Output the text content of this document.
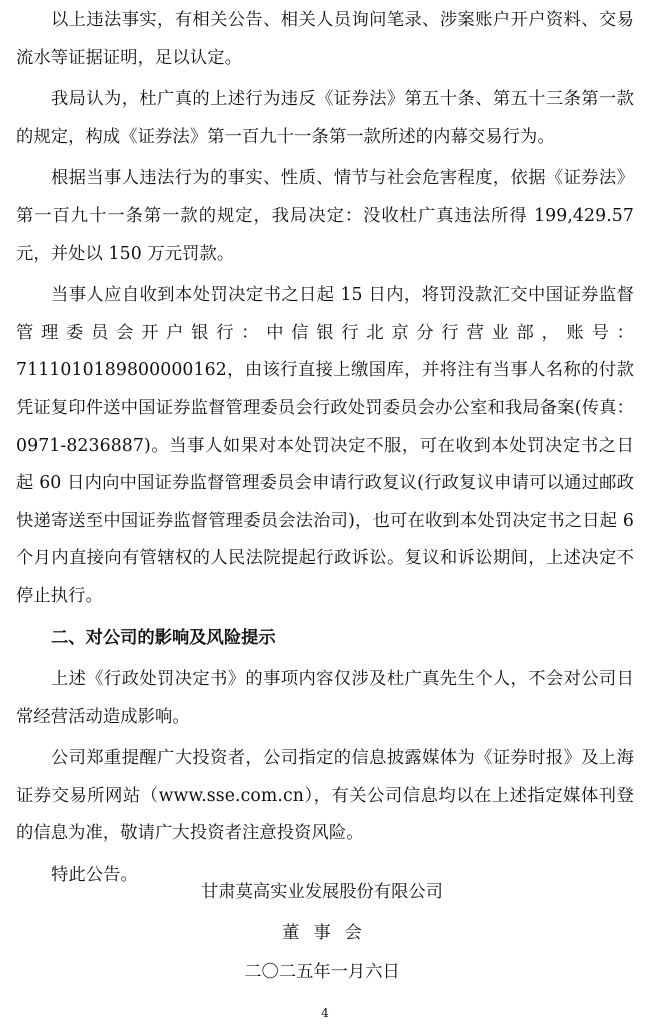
以上违法事实，有相关公告、相关人员询问笔录、涉案账户开户资料、交易流水等证据证明，足以认定。

我局认为，杜广真的上述行为违反《证券法》第五十条、第五十三条第一款的规定，构成《证券法》第一百九十一条第一款所述的内幕交易行为。

根据当事人违法行为的事实、性质、情节与社会危害程度，依据《证券法》第一百九十一条第一款的规定，我局决定：没收杜广真违法所得 199,429.57 元，并处以 150 万元罚款。

当事人应自收到本处罚决定书之日起 15 日内，将罚没款汇交中国证券监督管理委员会开户银行：中信银行北京分行营业部，账号：7111010189800000162，由该行直接上缴国库，并将注有当事人名称的付款凭证复印件送中国证券监督管理委员会行政处罚委员会办公室和我局备案(传真：0971-8236887)。当事人如果对本处罚决定不服，可在收到本处罚决定书之日起 60 日内向中国证券监督管理委员会申请行政复议(行政复议申请可以通过邮政快递寄送至中国证券监督管理委员会法治司)，也可在收到本处罚决定书之日起 6 个月内直接向有管辖权的人民法院提起行政诉讼。复议和诉讼期间，上述决定不停止执行。

二、对公司的影响及风险提示

上述《行政处罚决定书》的事项内容仅涉及杜广真先生个人，不会对公司日常经营活动造成影响。

公司郑重提醒广大投资者，公司指定的信息披露媒体为《证券时报》及上海证券交易所网站（www.sse.com.cn），有关公司信息均以在上述指定媒体刊登的信息为准，敬请广大投资者注意投资风险。

特此公告。

甘肃莫高实业发展股份有限公司
董事会
二〇二五年一月六日
4
